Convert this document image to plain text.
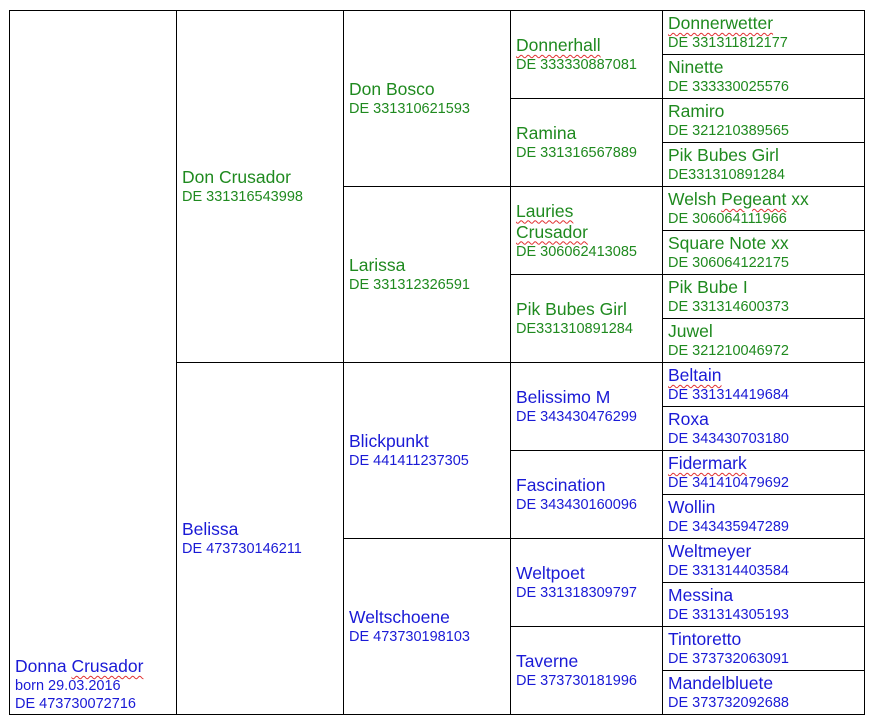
Donna Crusador
born 29.03.2016
DE 473730072716	Don Crusador
DE 331316543998	Don Bosco
DE 331310621593	Donnerhall
DE 333330887081	Donnerwetter
DE 331311812177

				Ninette
DE 333330025576

			Ramina
DE 331316567889	Ramiro
DE 321210389565

				Pik Bubes Girl
DE331310891284

		Larissa
DE 331312326591	Lauries
Crusador
DE 306062413085	Welsh Pegeant xx
DE 306064111966

				Square Note xx
DE 306064122175

			Pik Bubes Girl
DE331310891284	Pik Bube I
DE 331314600373

				Juwel
DE 321210046972

	Belissa
DE 473730146211	Blickpunkt
DE 441411237305	Belissimo M
DE 343430476299	Beltain
DE 331314419684

				Roxa
DE 343430703180

			Fascination
DE 343430160096	Fidermark
DE 341410479692

				Wollin
DE 343435947289

		Weltschoene
DE 473730198103	Weltpoet
DE 331318309797	Weltmeyer
DE 331314403584

				Messina
DE 331314305193

			Taverne
DE 373730181996	Tintoretto
DE 373732063091

				Mandelbluete
DE 373732092688
